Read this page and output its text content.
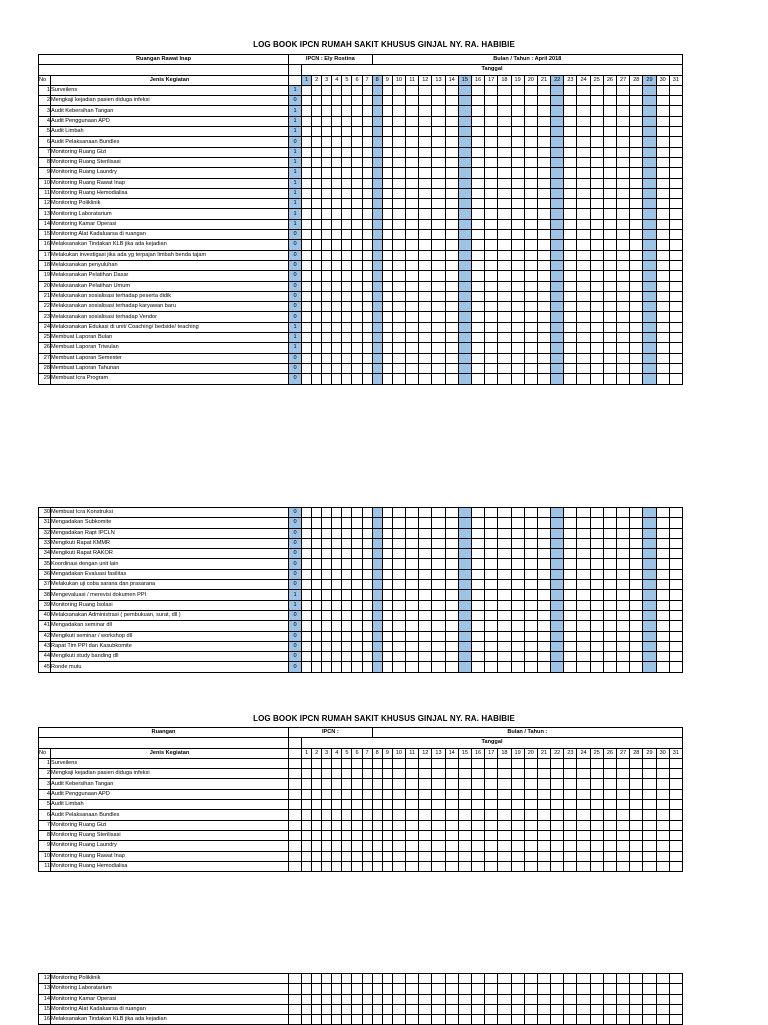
LOG BOOK IPCN RUMAH SAKIT KHUSUS GINJAL NY. RA. HABIBIE
Ruangan Rawat Inap		IPCN : Ely Rostina								Bulan / Tahun : April 2018																							
			Tanggal																														
No	Jenis Kegiatan		1	2	3	4	5	6	7	8	9	10	11	12	13	14	15	16	17	18	19	20	21	22	23	24	25	26	27	28	29	30	31
1	Surveilens	1																															
2	Mengkaji kejadian pasien diduga infeksi	0																															
3	Audit Kebersihan Tangan	1																															
4	Audit Penggunaan APD	1																															
5	Audit Limbah	1																															
6	Audit Pelaksanaan Bundles	0																															
7	Monitoring Ruang Gizi	1																															
8	Monitoring Ruang Sterilisasi	1																															
9	Monitoring Ruang Laundry	1																															
10	Monitoring Ruang Rawat Inap	1																															
11	Monitoring Ruang Hemodialisa	1																															
12	Monitoring Poliklinik	1																															
13	Monitoring Laboratarium	1																															
14	Monitoring Kamar Operasi	1																															
15	Monitoring Alat Kadaluarsa di ruangan	0																															
16	Melaksanakan Tindakan KLB jika ada kejadian	0																															
17	Melakukan investigasi jika ada yg terpajan limbah benda tajam	0																															
18	Melaksanakan penyuluhan	0																															
19	Melaksanakan Pelatihan Dasar	0																															
20	Melaksanakan Pelatihan Umum	0																															
21	Melaksanakan sosialisasi terhadap peserta didik	0																															
22	Melaksanakan sosialisasi terhadap karyawan baru	0																															
23	Melaksanakan sosialisasi terhadap Vendor	0																															
24	Melaksanakan Edukasi di unit/ Coaching/ bedside/ teaching	1																															
25	Membuat Laporan Bulan	1																															
26	Membuat Laporan Triwulan	1																															
27	Membuat Laporan Semester	0																															
28	Membuat Laporan Tahunan	0																															
29	Membuat Icra Program	0																															
30	Membuat Icra Konstruksi	0																															
31	Mengadakan Subkomite	0																															
32	Mengadakan Rapt IPCLN	0																															
33	Mengikuti Rapat KMMR	0																															
34	Mengikuti Rapat RAKOR	0																															
35	Koordinasi dengan unit lain	0																															
36	Mengadakan Evaluasi fasilitas	0																															
37	Melakukan uji coba sarana dan prasarana	0																															
38	Mengevaluasi / merevisi dokumen PPI	1																															
39	Monitoring Ruang Isolasi	1																															
40	Melaksanakan Administrasi ( pembukuan, surat, dll )	0																															
41	Mengadakan seminar dll	0																															
42	Mengikuti seminar / workshop dll	0																															
43	Rapat Tim PPI dan Kasubkomite	0																															
44	Mengikuti study banding dll	0																															
45	Ronde mutu	0																															
LOG BOOK IPCN RUMAH SAKIT KHUSUS GINJAL NY. RA. HABIBIE
Ruangan		IPCN :								Bulan / Tahun :																							
			Tanggal																														
No	Jenis Kegiatan		1	2	3	4	5	6	7	8	9	10	11	12	13	14	15	16	17	18	19	20	21	22	23	24	25	26	27	28	29	30	31
1	Surveilens																																
2	Mengkaji kejadian pasien diduga infeksi																																
3	Audit Kebersihan Tangan																																
4	Audit Penggunaan APD																																
5	Audit Limbah																																
6	Audit Pelaksanaan Bundles																																
7	Monitoring Ruang Gizi																																
8	Monitoring Ruang Sterilisasi																																
9	Monitoring Ruang Laundry																																
10	Monitoring Ruang Rawat Inap																																
11	Monitoring Ruang Hemodialisa																																
12	Monitoring Poliklinik																																
13	Monitoring Laboratarium																																
14	Monitoring Kamar Operasi																																
15	Monitoring Alat Kadaluarsa di ruangan																																
16	Melaksanakan Tindakan KLB jika ada kejadian																																
